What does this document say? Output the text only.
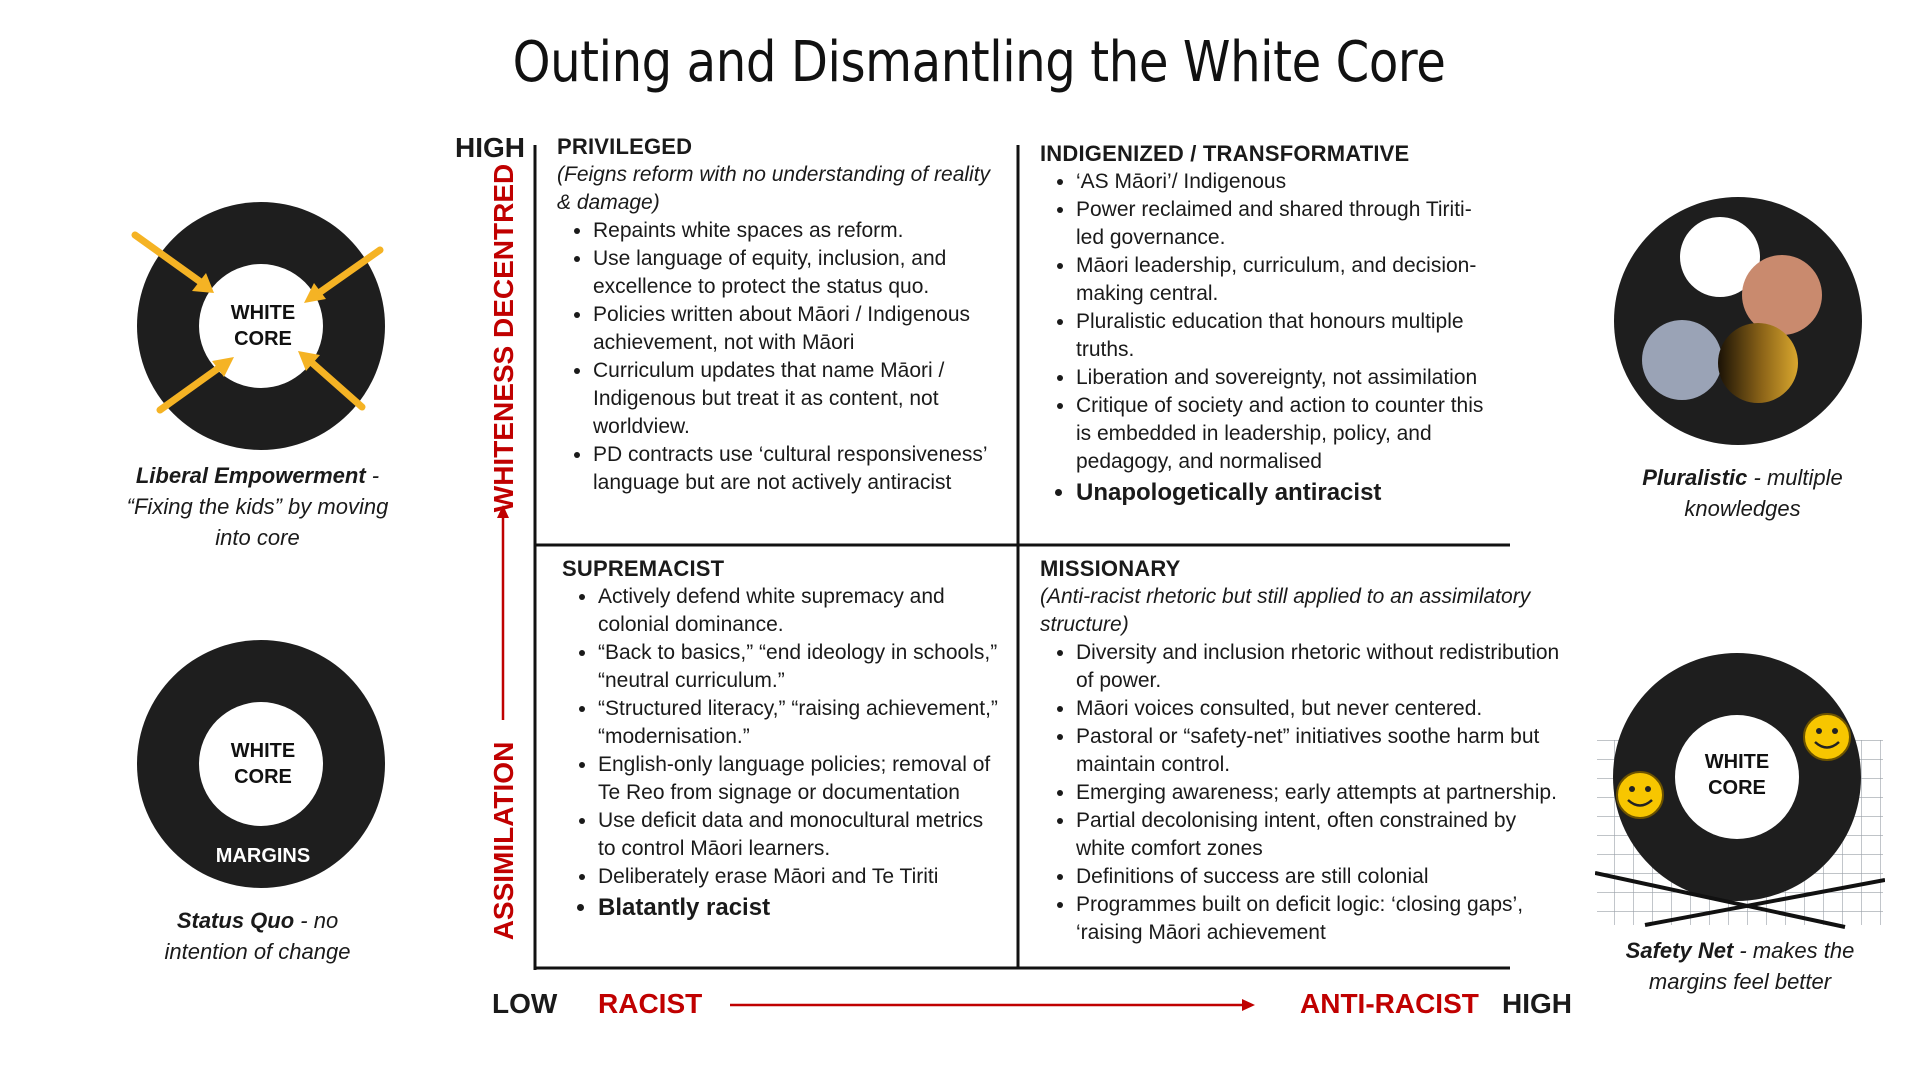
Outing and Dismantling the White Core
HIGH
WHITENESS DECENTRED
ASSIMILATION
LOW RACIST	ANTI-RACIST HIGH
PRIVILEGED
(Feigns reform with no understanding of reality & damage)
• Repaints white spaces as reform.
• Use language of equity, inclusion, and excellence to protect the status quo.
• Policies written about Māori / Indigenous achievement, not with Māori
• Curriculum updates that name Māori / Indigenous but treat it as content, not worldview.
• PD contracts use ‘cultural responsiveness’ language but are not actively antiracist
INDIGENIZED / TRANSFORMATIVE
• ‘AS Māori’/ Indigenous
• Power reclaimed and shared through Tiriti-led governance.
• Māori leadership, curriculum, and decision-making central.
• Pluralistic education that honours multiple truths.
• Liberation and sovereignty, not assimilation
• Critique of society and action to counter this is embedded in leadership, policy, and pedagogy, and normalised
• Unapologetically antiracist
SUPREMACIST
• Actively defend white supremacy and colonial dominance.
• “Back to basics,” “end ideology in schools,” “neutral curriculum.”
• “Structured literacy,” “raising achievement,” “modernisation.”
• English-only language policies; removal of Te Reo from signage or documentation
• Use deficit data and monocultural metrics to control Māori learners.
• Deliberately erase Māori and Te Tiriti
• Blatantly racist
MISSIONARY
(Anti-racist rhetoric but still applied to an assimilatory structure)
• Diversity and inclusion rhetoric without redistribution of power.
• Māori voices consulted, but never centered.
• Pastoral or “safety-net” initiatives soothe harm but maintain control.
• Emerging awareness; early attempts at partnership.
• Partial decolonising intent, often constrained by white comfort zones
• Definitions of success are still colonial
• Programmes built on deficit logic: ‘closing gaps’, ‘raising Māori achievement
WHITE
CORE
Liberal Empowerment - “Fixing the kids” by moving into core
WHITE
CORE
MARGINS
Status Quo - no intention of change
Pluralistic - multiple knowledges
WHITE
CORE
Safety Net - makes the margins feel better
